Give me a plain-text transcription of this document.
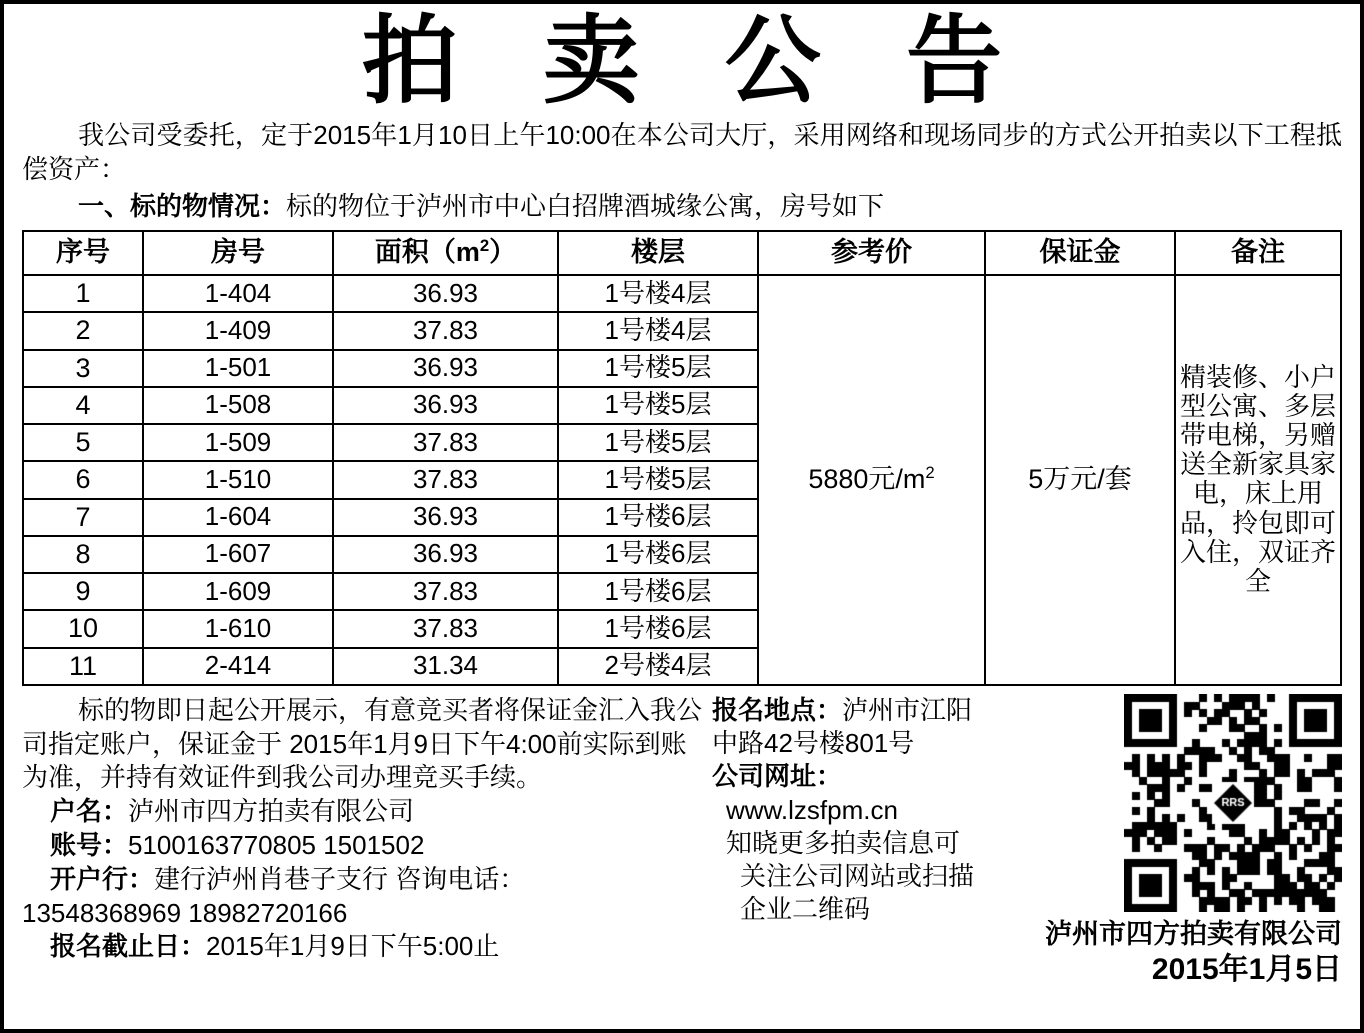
拍 卖 公 告

我公司受委托，定于2015年1月10日上午10:00在本公司大厅，采用网络和现场同步的方式公开拍卖以下工程抵偿资产：

一、标的物情况：标的物位于泸州市中心白招牌酒城缘公寓，房号如下

序号	房号	面积$(m^2)$	楼层	参考价	保证金	备注
1	1-404	36.93	1号楼4层	5880元$/m^2$	5万元/套	精装修、小户型公寓、多层带电梯，另赠送全新家具家电，床上用品，拎包即可入住，双证齐全
2	1-409	37.83	1号楼4层			
3	1-501	36.93	1号楼5层			
4	1-508	36.93	1号楼5层			
5	1-509	37.83	1号楼5层			
6	1-510	37.83	1号楼5层			
7	1-604	36.93	1号楼6层			
8	1-607	36.93	1号楼6层			
9	1-609	37.83	1号楼6层			
10	1-610	37.83	1号楼6层			
11	2-414	31.34	2号楼4层			

标的物即日起公开展示，有意竞买者将保证金汇入我公司指定账户，保证金于 2015年1月9日下午4:00前实际到账为准，并持有效证件到我公司办理竞买手续。

户名：泸州市四方拍卖有限公司

账号：5100163770805 1501502

开户行：建行泸州肖巷子支行 咨询电话：

13548368969 18982720166

报名截止日：2015年1月9日下午5:00止

报名地点：泸州市江阳

中路42号楼801号

公司网址：

www.lzsfpm.cn

知晓更多拍卖信息可

关注公司网站或扫描

企业二维码

泸州市四方拍卖有限公司
2015年1月5日
